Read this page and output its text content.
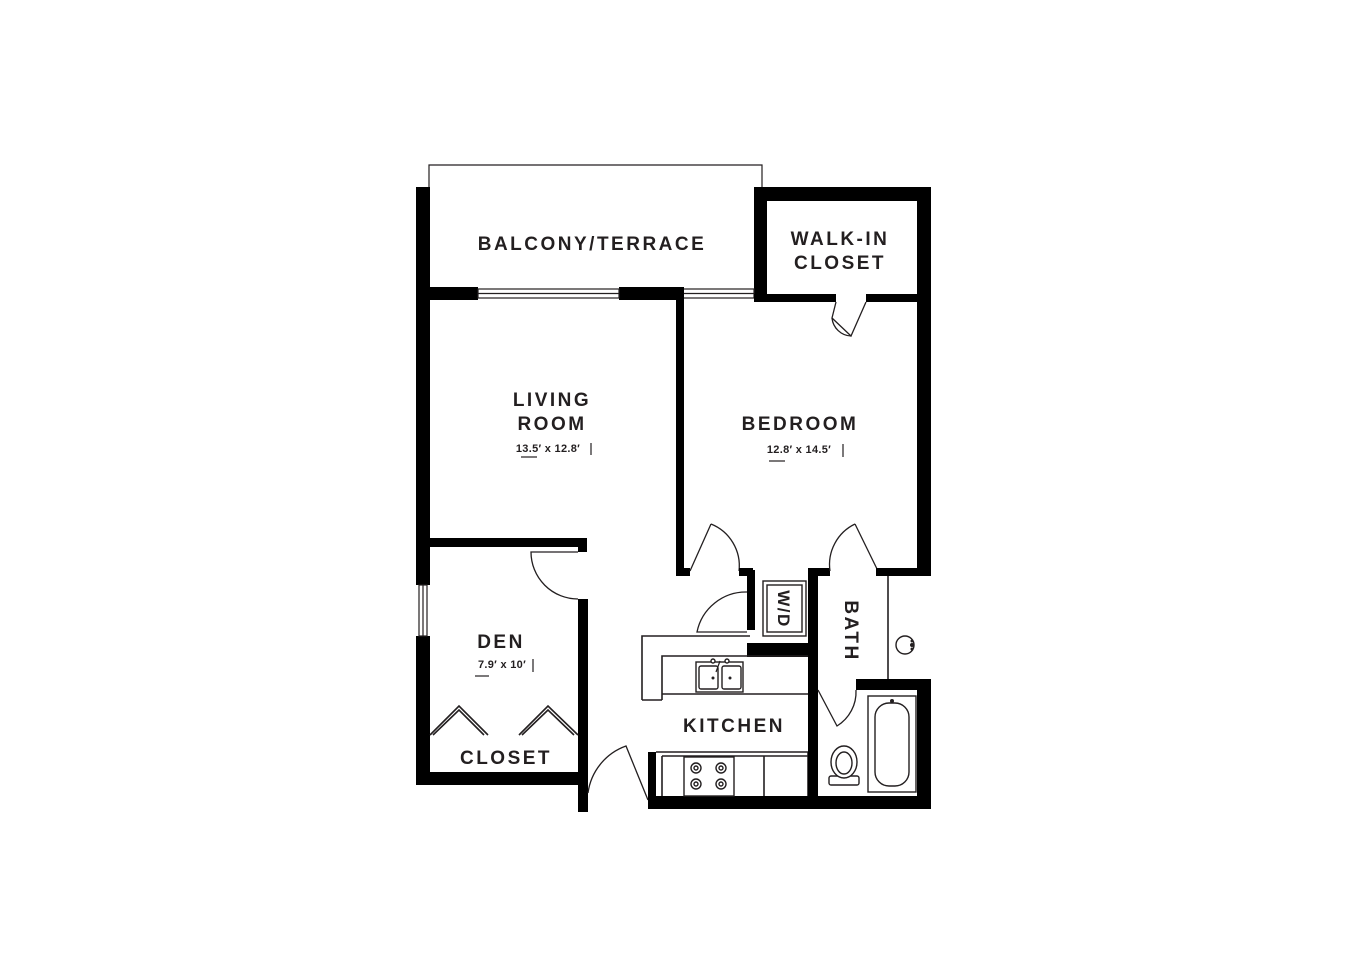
BALCONY/TERRACE	WALK-IN
CLOSET
LIVING
ROOM
13.5′ x 12.8′
BEDROOM
12.8′ x 14.5′
DEN
7.9′ x 10′
CLOSET
KITCHEN
BATH
W/D
